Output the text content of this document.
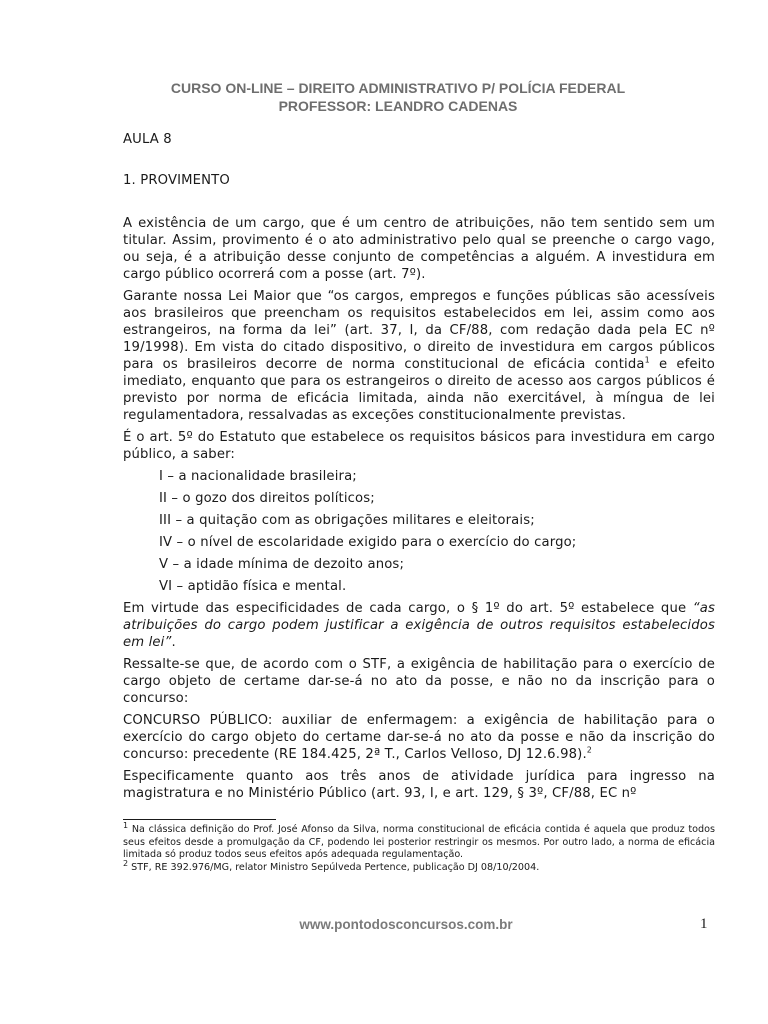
CURSO ON-LINE – DIREITO ADMINISTRATIVO P/ POLÍCIA FEDERAL
PROFESSOR: LEANDRO CADENAS
AULA 8
1. PROVIMENTO

A existência de um cargo, que é um centro de atribuições, não tem sentido sem um titular. Assim, provimento é o ato administrativo pelo qual se preenche o cargo vago, ou seja, é a atribuição desse conjunto de competências a alguém. A investidura em cargo público ocorrerá com a posse (art. 7º).

Garante nossa Lei Maior que “os cargos, empregos e funções públicas são acessíveis aos brasileiros que preencham os requisitos estabelecidos em lei, assim como aos estrangeiros, na forma da lei” (art. 37, I, da CF/88, com redação dada pela EC nº 19/1998). Em vista do citado dispositivo, o direito de investidura em cargos públicos para os brasileiros decorre de norma constitucional de eficácia contida$^1$ e efeito imediato, enquanto que para os estrangeiros o direito de acesso aos cargos públicos é previsto por norma de eficácia limitada, ainda não exercitável, à míngua de lei regulamentadora, ressalvadas as exceções constitucionalmente previstas.

É o art. 5º do Estatuto que estabelece os requisitos básicos para investidura em cargo público, a saber:

I – a nacionalidade brasileira;
II – o gozo dos direitos políticos;
III – a quitação com as obrigações militares e eleitorais;
IV – o nível de escolaridade exigido para o exercício do cargo;
V – a idade mínima de dezoito anos;
VI – aptidão física e mental.

Em virtude das especificidades de cada cargo, o § 1º do art. 5º estabelece que “as atribuições do cargo podem justificar a exigência de outros requisitos estabelecidos em lei”.

Ressalte-se que, de acordo com o STF, a exigência de habilitação para o exercício de cargo objeto de certame dar-se-á no ato da posse, e não no da inscrição para o concurso:

CONCURSO PÚBLICO: auxiliar de enfermagem: a exigência de habilitação para o exercício do cargo objeto do certame dar-se-á no ato da posse e não da inscrição do concurso: precedente (RE 184.425, 2ª T., Carlos Velloso, DJ 12.6.98).$^2$

Especificamente quanto aos três anos de atividade jurídica para ingresso na magistratura e no Ministério Público (art. 93, I, e art. 129, § 3º, CF/88, EC nº

$^1$ Na clássica definição do Prof. José Afonso da Silva, norma constitucional de eficácia contida é aquela que produz todos seus efeitos desde a promulgação da CF, podendo lei posterior restringir os mesmos. Por outro lado, a norma de eficácia limitada só produz todos seus efeitos após adequada regulamentação.

$^2$ STF, RE 392.976/MG, relator Ministro Sepúlveda Pertence, publicação DJ 08/10/2004.

www.pontodosconcursos.com.br	1
